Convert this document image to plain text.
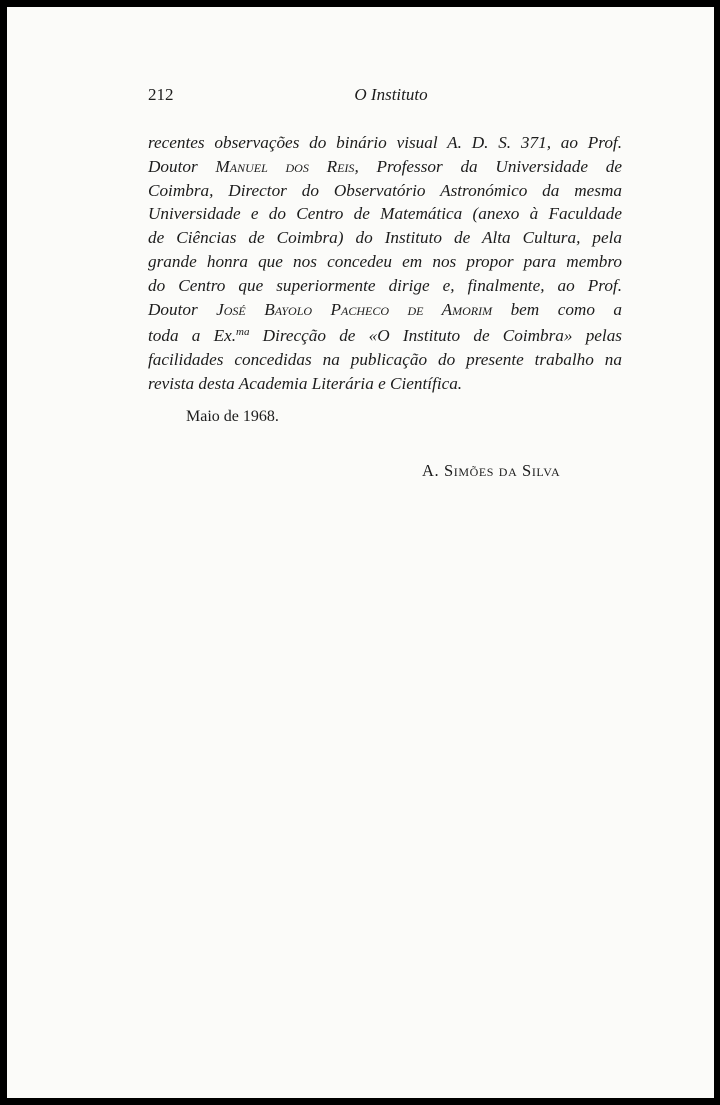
212	O Instituto
recentes observações do binário visual A. D. S. 371, ao Prof.
Doutor Manuel dos Reis, Professor da Universidade de
Coimbra, Director do Observatório Astronómico da mesma
Universidade e do Centro de Matemática (anexo à Faculdade
de Ciências de Coimbra) do Instituto de Alta Cultura, pela
grande honra que nos concedeu em nos propor para membro
do Centro que superiormente dirige e, finalmente, ao Prof.
Doutor José Bayolo Pacheco de Amorim bem como a
toda a Ex.$^{ma}$ Direcção de «O Instituto de Coimbra» pelas
facilidades concedidas na publicação do presente trabalho na
revista desta Academia Literária e Científica.
Maio de 1968.
A. Simões da Silva
